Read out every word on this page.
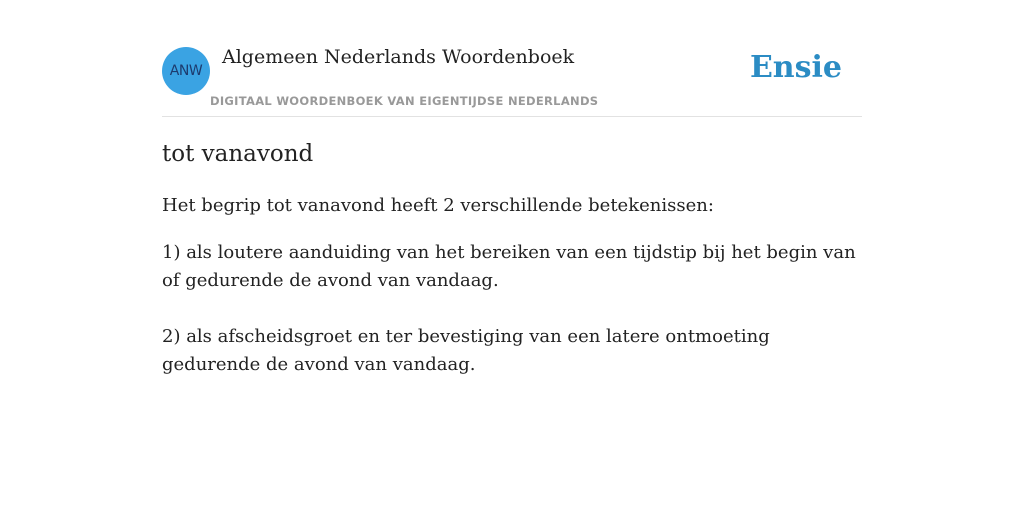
ANW
Algemeen Nederlands Woordenboek
DIGITAAL WOORDENBOEK VAN EIGENTIJDSE NEDERLANDS
Ensie
tot vanavond

Het begrip tot vanavond heeft 2 verschillende betekenissen:

1) als loutere aanduiding van het bereiken van een tijdstip bij het begin van of gedurende de avond van vandaag.
2) als afscheidsgroet en ter bevestiging van een latere ontmoeting gedurende de avond van vandaag.
